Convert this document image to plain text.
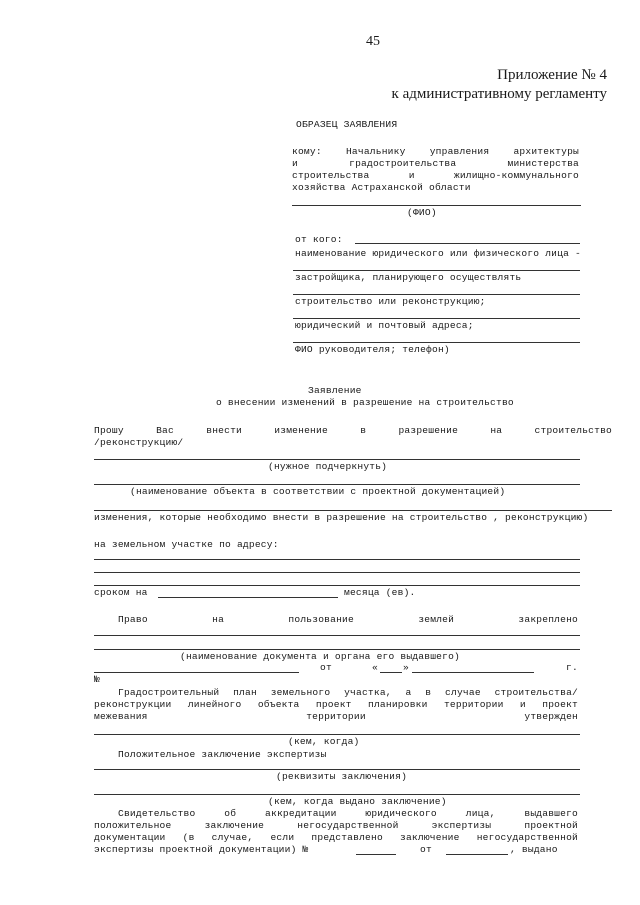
45
Приложение № 4
к административному регламенту
ОБРАЗЕЦ ЗАЯВЛЕНИЯ
кому: Начальнику управления архитектуры
и градостроительства министерства
строительства и жилищно-коммунального
хозяйства Астраханской области
(ФИО)
от кого:
наименование юридического или физического лица -
застройщика, планирующего осуществлять
строительство или реконструкцию;
юридический и почтовый адреса;
ФИО руководителя; телефон)
Заявление
о внесении изменений в разрешение на строительство
Прошу Вас внести изменение в разрешение на строительство
/реконструкцию/
(нужное подчеркнуть)
(наименование объекта в соответствии с проектной документацией)
изменения, которые необходимо внести в разрешение на строительство , реконструкцию)
на земельном участке по адресу:
сроком на	месяца (ев).
Право на пользование землей закреплено
(наименование документа и органа его выдавшего)
от	«	»	г.
№
Градостроительный план земельного участка, а в случае строительства/
реконструкции линейного объекта проект планировки территории и проект
межевания территории утвержден
(кем, когда)
Положительное заключение экспертизы
(реквизиты заключения)
(кем, когда выдано заключение)
Свидетельство об аккредитации юридического лица, выдавшего
положительное заключение негосударственной экспертизы проектной
документации (в случае, если представлено заключение негосударственной
экспертизы проектной документации) №	от	, выдано
